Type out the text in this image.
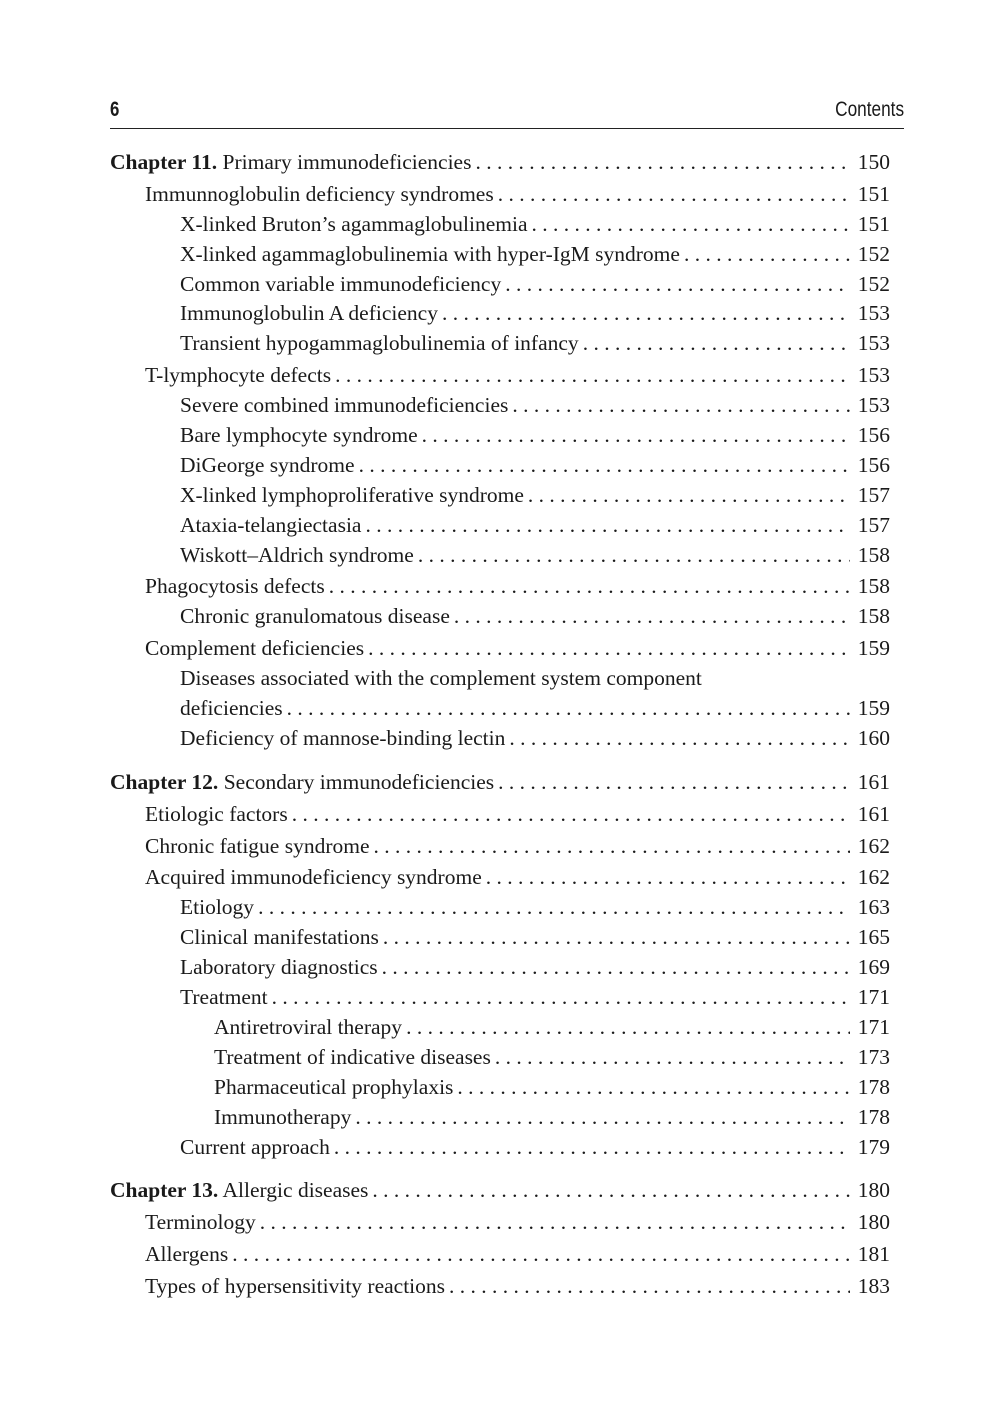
6	Contents
Chapter 11. Primary immunodeficiencies . . .	150
Immunnoglobulin deficiency syndromes . . .	151
X-linked Bruton’s agammaglobulinemia . . .	151
X-linked agammaglobulinemia with hyper-IgM syndrome . . .	152
Common variable immunodeficiency . . .	152
Immunoglobulin A deficiency . . .	153
Transient hypogammaglobulinemia of infancy . . .	153
T-lymphocyte defects . . .	153
Severe combined immunodeficiencies . . .	153
Bare lymphocyte syndrome . . .	156
DiGeorge syndrome . . .	156
X-linked lymphoproliferative syndrome . . .	157
Ataxia-telangiectasia . . .	157
Wiskott–Aldrich syndrome . . .	158
Phagocytosis defects . . .	158
Chronic granulomatous disease . . .	158
Complement deficiencies . . .	159
Diseases associated with the complement system component
deficiencies . . .	159
Deficiency of mannose-binding lectin . . .	160
Chapter 12. Secondary immunodeficiencies . . .	161
Etiologic factors . . .	161
Chronic fatigue syndrome . . .	162
Acquired immunodeficiency syndrome . . .	162
Etiology . . .	163
Clinical manifestations . . .	165
Laboratory diagnostics . . .	169
Treatment . . .	171
Antiretroviral therapy . . .	171
Treatment of indicative diseases . . .	173
Pharmaceutical prophylaxis . . .	178
Immunotherapy . . .	178
Current approach . . .	179
Chapter 13. Allergic diseases . . .	180
Terminology . . .	180
Allergens . . .	181
Types of hypersensitivity reactions . . .	183
